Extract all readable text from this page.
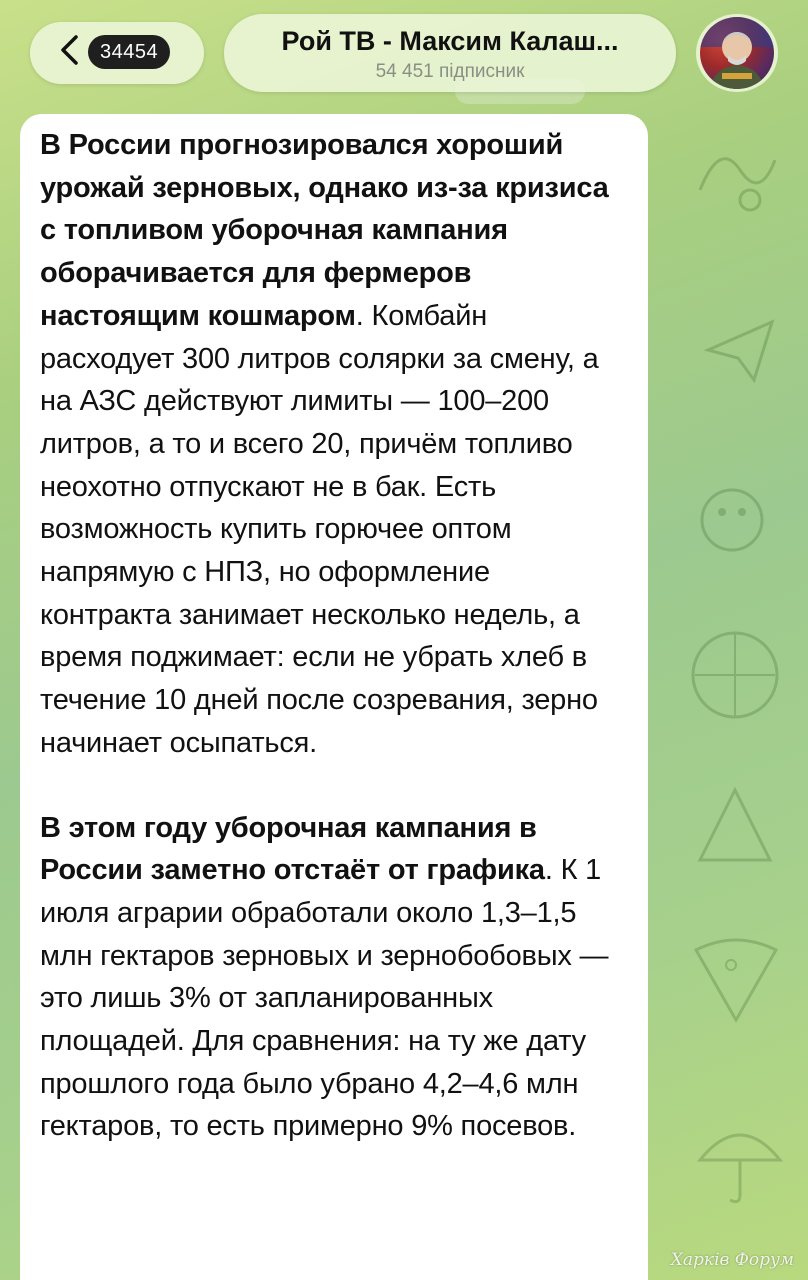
34454	Рой ТВ - Максим Калаш...
54 451 підписник

В России прогнозировался хороший урожай зерновых, однако из-за кризиса с топливом уборочная кампания оборачивается для фермеров настоящим кошмаром. Комбайн расходует 300 литров солярки за смену, а на АЗС действуют лимиты — 100–200 литров, а то и всего 20, причём топливо неохотно отпускают не в бак. Есть возможность купить горючее оптом напрямую с НПЗ, но оформление контракта занимает несколько недель, а время поджимает: если не убрать хлеб в течение 10 дней после созревания, зерно начинает осыпаться.

В этом году уборочная кампания в России заметно отстаёт от графика. К 1 июля аграрии обработали около 1,3–1,5 млн гектаров зерновых и зернобобовых — это лишь 3% от запланированных площадей. Для сравнения: на ту же дату прошлого года было убрано 4,2–4,6 млн гектаров, то есть примерно 9% посевов.

Харків Форум
